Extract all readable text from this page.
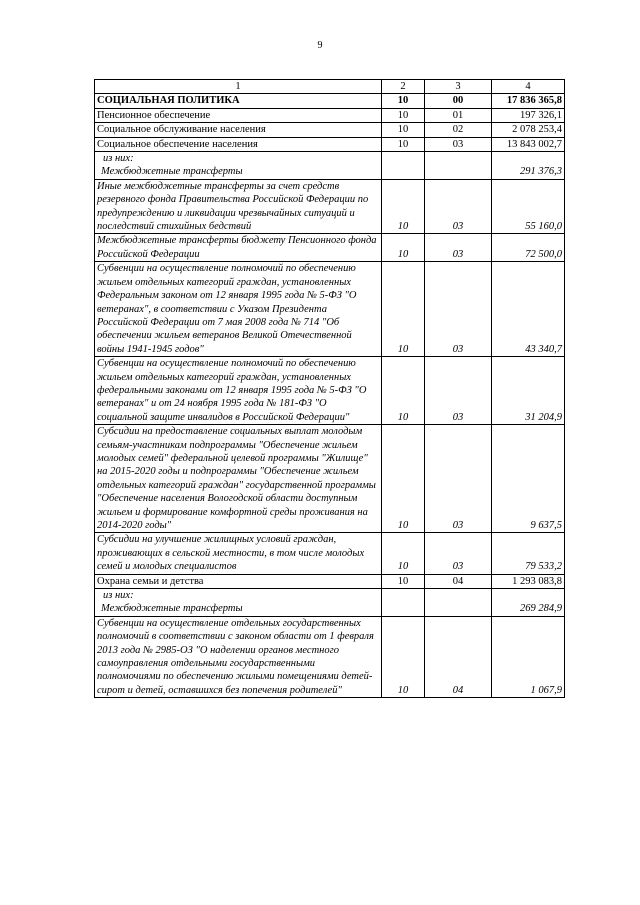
9
1	2	3	4
СОЦИАЛЬНАЯ ПОЛИТИКА	10	00	17 836 365,8
Пенсионное обеспечение	10	01	197 326,1
Социальное обслуживание населения	10	02	2 078 253,4
Социальное обеспечение населения	10	03	13 843 002,7

из них:
Межбюджетные трансферты			291 376,3
Иные межбюджетные трансферты за счет средств резервного фонда Правительства Российской Федерации по предупреждению и ликвидации чрезвычайных ситуаций и последствий стихийных бедствий	10	03	55 160,0
Межбюджетные трансферты бюджету Пенсионного фонда Российской Федерации	10	03	72 500,0
Субвенции на осуществление полномочий по обеспечению жильем отдельных категорий граждан, установленных Федеральным законом от 12 января 1995 года № 5-ФЗ "О ветеранах", в соответствии с Указом Президента Российской Федерации от 7 мая 2008 года № 714 "Об обеспечении жильем ветеранов Великой Отечественной войны 1941-1945 годов"	10	03	43 340,7
Субвенции на осуществление полномочий по обеспечению жильем отдельных категорий граждан, установленных федеральными законами от 12 января 1995 года № 5-ФЗ "О ветеранах" и от 24 ноября 1995 года № 181-ФЗ "О социальной защите инвалидов в Российской Федерации"	10	03	31 204,9
Субсидии на предоставление социальных выплат молодым семьям-участникам подпрограммы "Обеспечение жильем молодых семей" федеральной целевой программы "Жилище" на 2015-2020 годы и подпрограммы "Обеспечение жильем отдельных категорий граждан" государственной программы "Обеспечение населения Вологодской области доступным жильем и формирование комфортной среды проживания на 2014-2020 годы"	10	03	9 637,5
Субсидии на улучшение жилищных условий граждан, проживающих в сельской местности, в том числе молодых семей и молодых специалистов	10	03	79 533,2
Охрана семьи и детства	10	04	1 293 083,8

из них:
Межбюджетные трансферты			269 284,9
Субвенции на осуществление отдельных государственных полномочий в соответствии с законом области от 1 февраля 2013 года № 2985-ОЗ "О наделении органов местного самоуправления отдельными государственными полномочиями по обеспечению жилыми помещениями детей-сирот и детей, оставшихся без попечения родителей"	10	04	1 067,9
